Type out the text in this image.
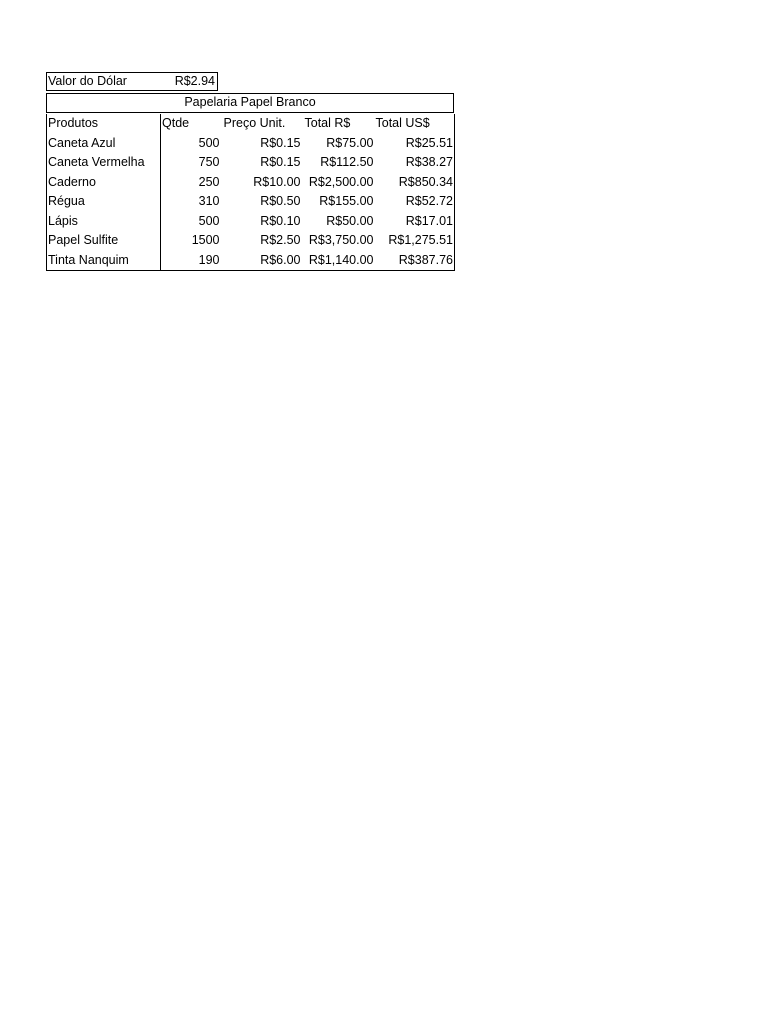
Valor do Dólar	R$2.94
Papelaria Papel Branco
Produtos	Qtde	Preço Unit.	Total R$	Total US$
Caneta Azul	500	R$0.15	R$75.00	R$25.51
Caneta Vermelha	750	R$0.15	R$112.50	R$38.27
Caderno	250	R$10.00	R$2,500.00	R$850.34
Régua	310	R$0.50	R$155.00	R$52.72
Lápis	500	R$0.10	R$50.00	R$17.01
Papel Sulfite	1500	R$2.50	R$3,750.00	R$1,275.51
Tinta Nanquim	190	R$6.00	R$1,140.00	R$387.76
